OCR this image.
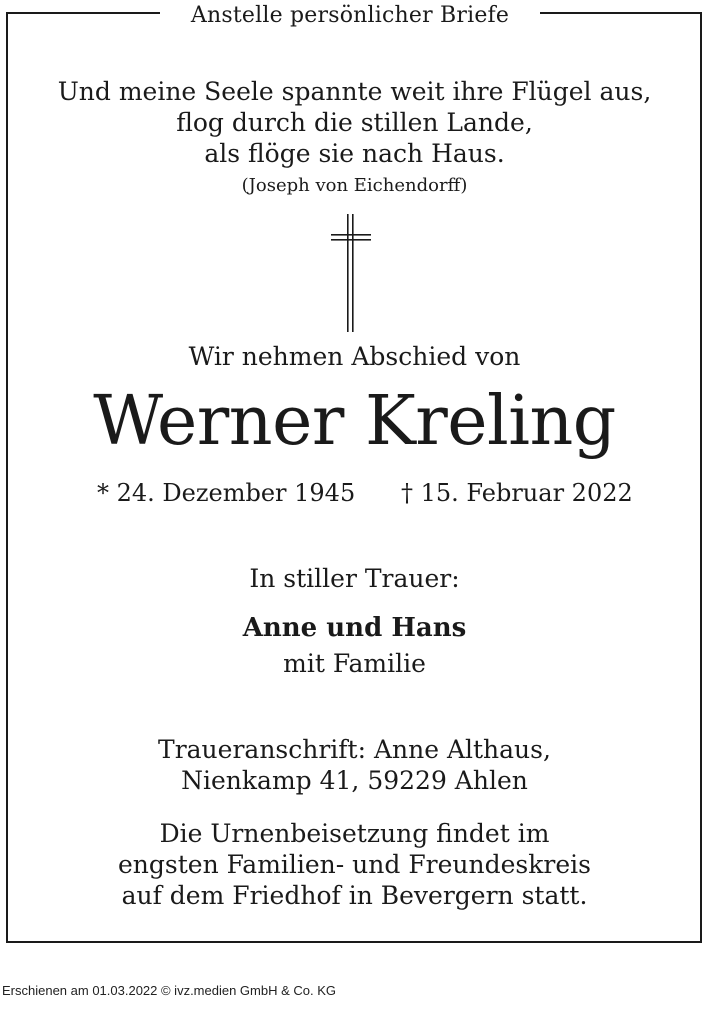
Anstelle persönlicher Briefe
Und meine Seele spannte weit ihre Flügel aus,
flog durch die stillen Lande,
als flöge sie nach Haus.
(Joseph von Eichendorff)
Wir nehmen Abschied von
Werner Kreling
* 24. Dezember 1945 † 15. Februar 2022
In stiller Trauer:
Anne und Hans
mit Familie
Traueranschrift: Anne Althaus,
Nienkamp 41, 59229 Ahlen
Die Urnenbeisetzung findet im
engsten Familien- und Freundeskreis
auf dem Friedhof in Bevergern statt.
Erschienen am 01.03.2022 © ivz.medien GmbH & Co. KG
